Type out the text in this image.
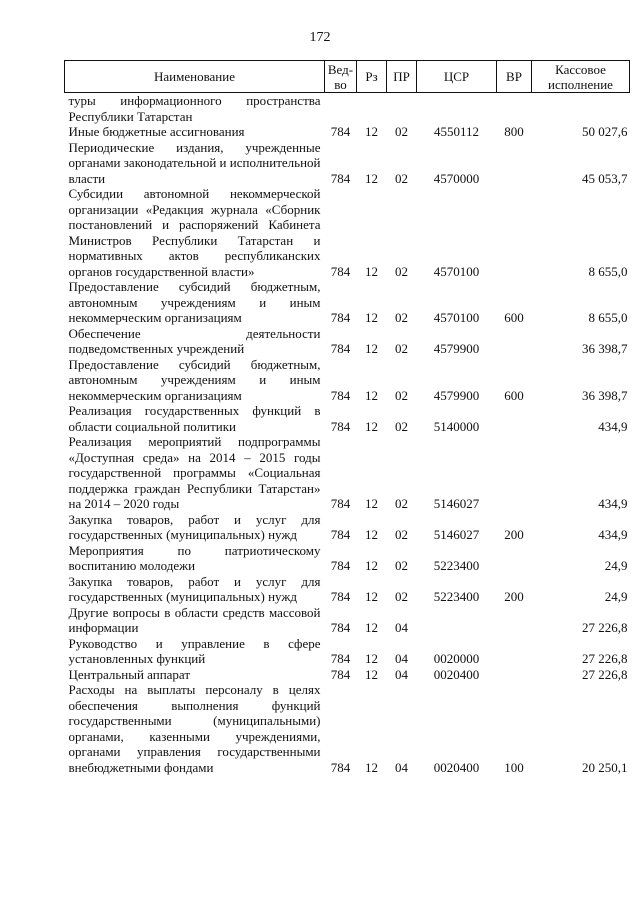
172
Наименование	Вед-во	Рз	ПР	ЦСР	ВР	Кассовое исполнение
туры информационного пространства Республики Татарстан						
Иные бюджетные ассигнования	784	12	02	4550112	800	50 027,6
Периодические издания, учрежденные органами законодательной и исполнительной власти	784	12	02	4570000		45 053,7
Субсидии автономной некоммерческой организации «Редакция журнала «Сборник постановлений и распоряжений Кабинета Министров Республики Татарстан и нормативных актов республиканских органов государственной власти»	784	12	02	4570100		8 655,0
Предоставление субсидий бюджетным, автономным учреждениям и иным некоммерческим организациям	784	12	02	4570100	600	8 655,0
Обеспечение деятельности подведомственных учреждений	784	12	02	4579900		36 398,7
Предоставление субсидий бюджетным, автономным учреждениям и иным некоммерческим организациям	784	12	02	4579900	600	36 398,7
Реализация государственных функций в области социальной политики	784	12	02	5140000		434,9
Реализация мероприятий подпрограммы «Доступная среда» на 2014 – 2015 годы государственной программы «Социальная поддержка граждан Республики Татарстан» на 2014 – 2020 годы	784	12	02	5146027		434,9
Закупка товаров, работ и услуг для государственных (муниципальных) нужд	784	12	02	5146027	200	434,9
Мероприятия по патриотическому воспитанию молодежи	784	12	02	5223400		24,9
Закупка товаров, работ и услуг для государственных (муниципальных) нужд	784	12	02	5223400	200	24,9
Другие вопросы в области средств массовой информации	784	12	04			27 226,8
Руководство и управление в сфере установленных функций	784	12	04	0020000		27 226,8
Центральный аппарат	784	12	04	0020400		27 226,8
Расходы на выплаты персоналу в целях обеспечения выполнения функций государственными (муниципальными) органами, казенными учреждениями, органами управления государственными внебюджетными фондами	784	12	04	0020400	100	20 250,1
